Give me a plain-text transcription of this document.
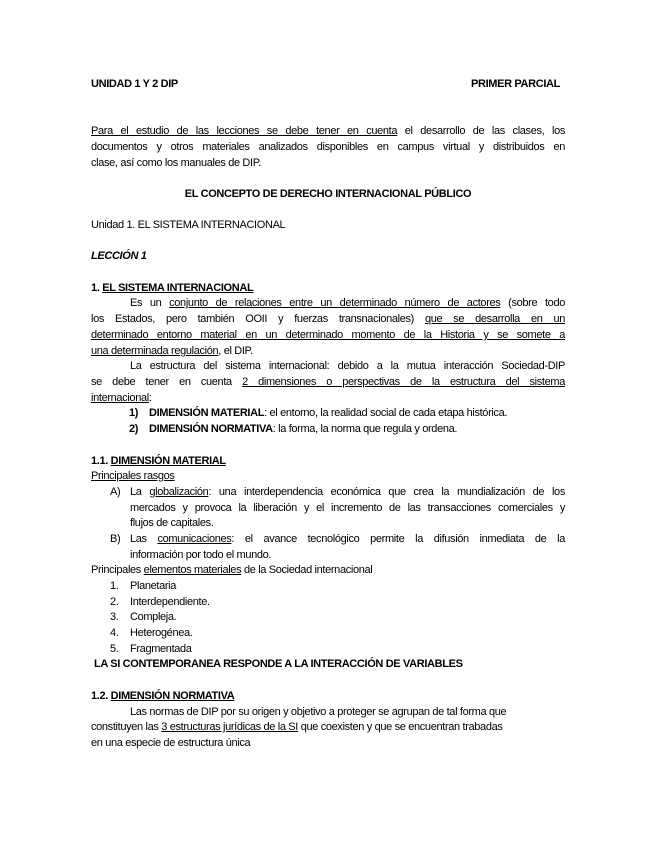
UNIDAD 1 Y 2 DIP	PRIMER PARCIAL
Para el estudio de las lecciones se debe tener en cuenta el desarrollo de las clases, los
documentos y otros materiales analizados disponibles en campus virtual y distribuidos en
clase, así como los manuales de DIP.
EL CONCEPTO DE DERECHO INTERNACIONAL PÚBLICO
Unidad 1. EL SISTEMA INTERNACIONAL
LECCIÓN 1
1. EL SISTEMA INTERNACIONAL
Es un conjunto de relaciones entre un determinado número de actores (sobre todo
los Estados, pero también OOII y fuerzas transnacionales) que se desarrolla en un
determinado entorno material en un determinado momento de la Historia y se somete a
una determinada regulación, el DIP.
La estructura del sistema internacional: debido a la mutua interacción Sociedad-DIP
se debe tener en cuenta 2 dimensiones o perspectivas de la estructura del sistema
internacional:
1) DIMENSIÓN MATERIAL: el entorno, la realidad social de cada etapa histórica.
2) DIMENSIÓN NORMATIVA: la forma, la norma que regula y ordena.
1.1. DIMENSIÓN MATERIAL
Principales rasgos
A) La globalización: una interdependencia económica que crea la mundialización de los
mercados y provoca la liberación y el incremento de las transacciones comerciales y
flujos de capitales.
B) Las comunicaciones: el avance tecnológico permite la difusión inmediata de la
información por todo el mundo.
Principales elementos materiales de la Sociedad internacional
1. Planetaria
2. Interdependiente.
3. Compleja.
4. Heterogénea.
5. Fragmentada
LA SI CONTEMPORANEA RESPONDE A LA INTERACCIÓN DE VARIABLES
1.2. DIMENSIÓN NORMATIVA
Las normas de DIP por su origen y objetivo a proteger se agrupan de tal forma que
constituyen las 3 estructuras jurídicas de la SI que coexisten y que se encuentran trabadas
en una especie de estructura única
